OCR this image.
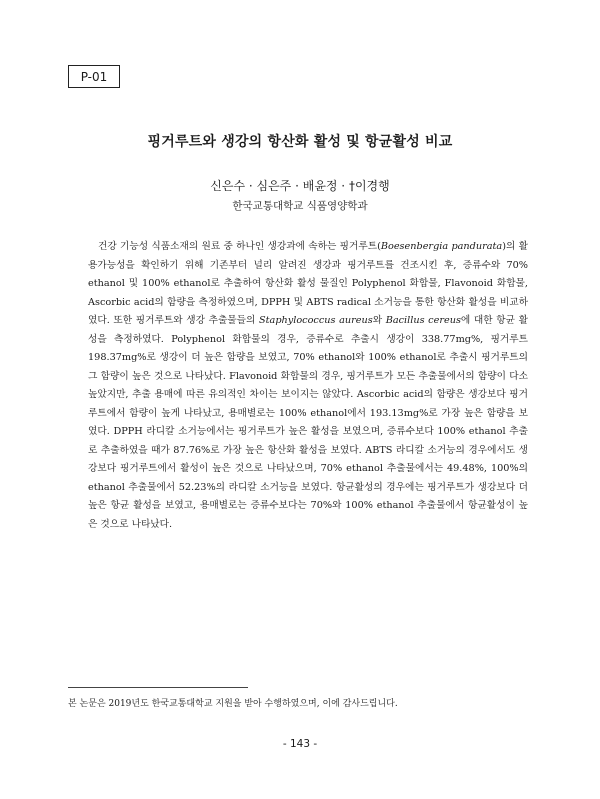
P-01
핑거루트와 생강의 항산화 활성 및 항균활성 비교
신은수 · 심은주 · 배윤정 · †이경행
한국교통대학교 식품영양학과

건강 기능성 식품소재의 원료 중 하나인 생강과에 속하는 핑거루트(Boesenbergia pandurata)의 활용가능성을 확인하기 위해 기존부터 널리 알려진 생강과 핑거루트를 건조시킨 후, 증류수와 70% ethanol 및 100% ethanol로 추출하여 항산화 활성 물질인 Polyphenol 화합물, Flavonoid 화합물, Ascorbic acid의 함량을 측정하였으며, DPPH 및 ABTS radical 소거능을 통한 항산화 활성을 비교하였다. 또한 핑거루트와 생강 추출물들의 Staphylococcus aureus와 Bacillus cereus에 대한 항균 활성을 측정하였다. Polyphenol 화합물의 경우, 증류수로 추출시 생강이 338.77mg%, 핑거루트 198.37mg%로 생강이 더 높은 함량을 보였고, 70% ethanol와 100% ethanol로 추출시 핑거루트의 그 함량이 높은 것으로 나타났다. Flavonoid 화합물의 경우, 핑거루트가 모든 추출물에서의 함량이 다소 높았지만, 추출 용매에 따른 유의적인 차이는 보이지는 않았다. Ascorbic acid의 함량은 생강보다 핑거루트에서 함량이 높게 나타났고, 용매별로는 100% ethanol에서 193.13mg%로 가장 높은 함량을 보였다. DPPH 라디칼 소거능에서는 핑거루트가 높은 활성을 보였으며, 증류수보다 100% ethanol 추출로 추출하였을 때가 87.76%로 가장 높은 항산화 활성을 보였다. ABTS 라디칼 소거능의 경우에서도 생강보다 핑거루트에서 활성이 높은 것으로 나타났으며, 70% ethanol 추출물에서는 49.48%, 100%의 ethanol 추출물에서 52.23%의 라디칼 소거능을 보였다. 항균활성의 경우에는 핑거루트가 생강보다 더 높은 항균 활성을 보였고, 용매별로는 증류수보다는 70%와 100% ethanol 추출물에서 항균활성이 높은 것으로 나타났다.

본 논문은 2019년도 한국교통대학교 지원을 받아 수행하였으며, 이에 감사드립니다.
- 143 -
